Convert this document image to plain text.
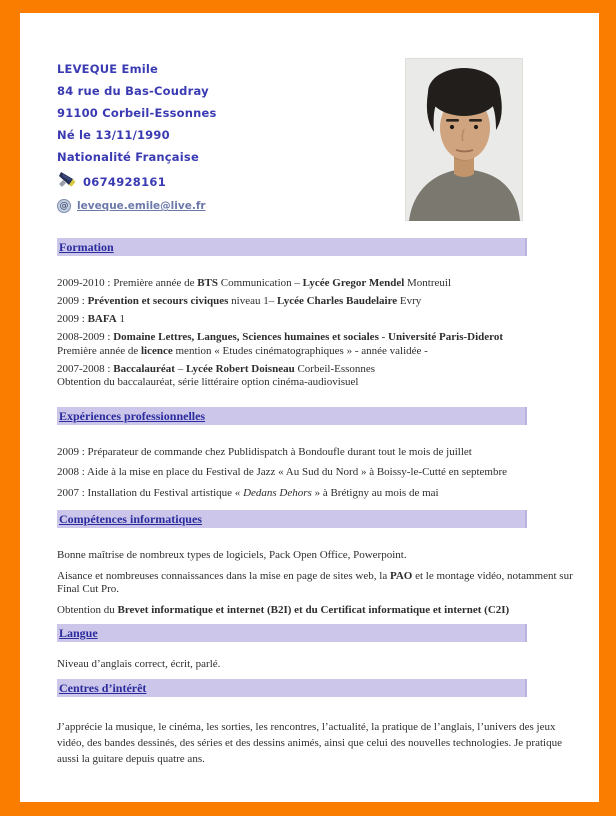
LEVEQUE Emile

84 rue du Bas-Coudray

91100 Corbeil-Essonnes

Né le 13/11/1990

Nationalité Française

0674928161
@ leveque.emile@live.fr
Formation

2009-2010 : Première année de BTS Communication – Lycée Gregor Mendel Montreuil

2009 : Prévention et secours civiques niveau 1– Lycée Charles Baudelaire Evry

2009 : BAFA 1

2008-2009 : Domaine Lettres, Langues, Sciences humaines et sociales - Université Paris-Diderot

Première année de licence mention « Etudes cinématographiques » - année validée -

2007-2008 : Baccalauréat – Lycée Robert Doisneau Corbeil-Essonnes

Obtention du baccalauréat, série littéraire option cinéma-audiovisuel

Expériences professionnelles

2009 : Préparateur de commande chez Publidispatch à Bondoufle durant tout le mois de juillet

2008 : Aide à la mise en place du Festival de Jazz « Au Sud du Nord » à Boissy-le-Cutté en septembre

2007 : Installation du Festival artistique « Dedans Dehors » à Brétigny au mois de mai

Compétences informatiques

Bonne maîtrise de nombreux types de logiciels, Pack Open Office, Powerpoint.

Aisance et nombreuses connaissances dans la mise en page de sites web, la PAO et le montage vidéo, notamment sur Final Cut Pro.

Obtention du Brevet informatique et internet (B2I) et du Certificat informatique et internet (C2I)

Langue

Niveau d’anglais correct, écrit, parlé.

Centres d’intérêt

J’apprécie la musique, le cinéma, les sorties, les rencontres, l’actualité, la pratique de l’anglais, l’univers des jeux vidéo, des bandes dessinés, des séries et des dessins animés, ainsi que celui des nouvelles technologies. Je pratique aussi la guitare depuis quatre ans.
